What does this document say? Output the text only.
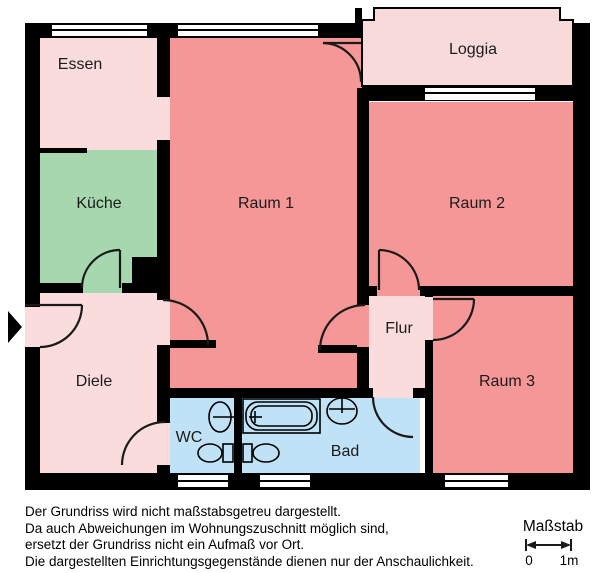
Essen
Küche	Raum 1
Loggia
Raum 2
Flur
Raum 3
Diele
WC
Bad
Der Grundriss wird nicht maßstabsgetreu dargestellt.
Da auch Abweichungen im Wohnungszuschnitt möglich sind,
ersetzt der Grundriss nicht ein Aufmaß vor Ort.
Die dargestellten Einrichtungsgegenstände dienen nur der Anschaulichkeit.
Maßstab
0 1m
